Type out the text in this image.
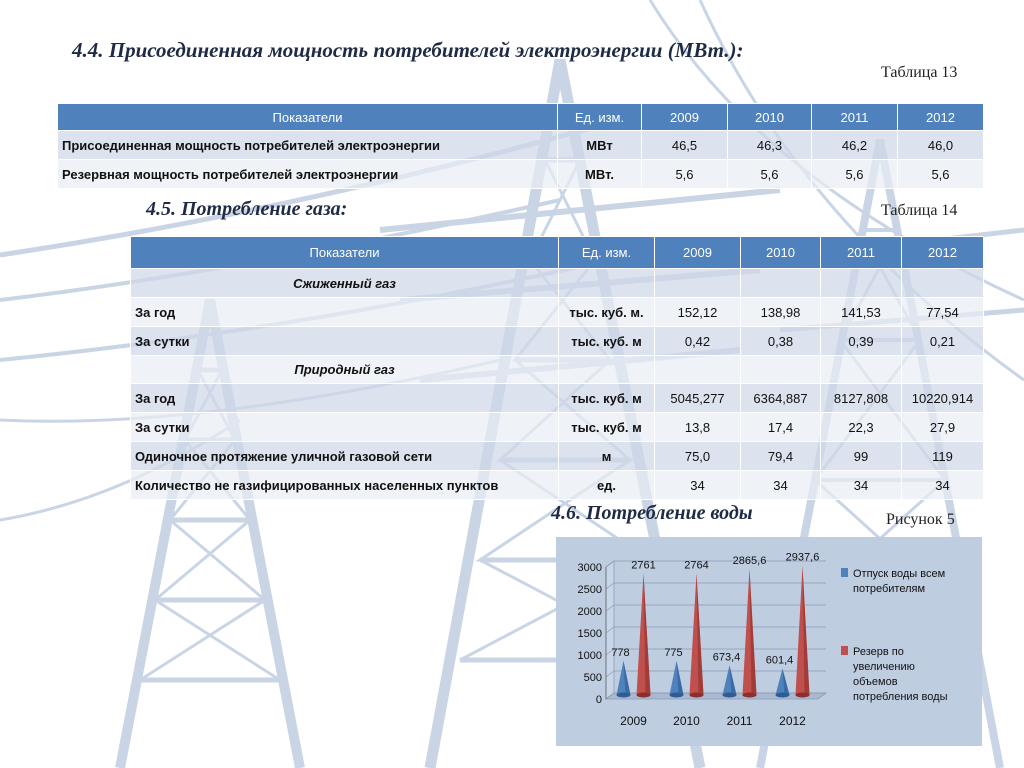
4.4. Присоединенная мощность потребителей электроэнергии (МВт.):
Таблица 13
Показатели	Ед. изм.	2009	2010	2011	2012
Присоединенная мощность потребителей электроэнергии	МВт	46,5	46,3	46,2	46,0
Резервная мощность потребителей электроэнергии	МВт.	5,6	5,6	5,6	5,6
4.5. Потребление газа:	Таблица 14
Показатели	Ед. изм.	2009	2010	2011	2012
Сжиженный газ					
За год	тыс. куб. м.	152,12	138,98	141,53	77,54
За сутки	тыс. куб. м	0,42	0,38	0,39	0,21
Природный газ					
За год	тыс. куб. м	5045,277	6364,887	8127,808	10220,914
За сутки	тыс. куб. м	13,8	17,4	22,3	27,9
Одиночное протяжение уличной газовой сети	м	75,0	79,4	99	119
Количество не газифицированных населенных пунктов	ед.	34	34	34	34
4.6. Потребление воды	Рисунок 5
0
500
1000
1500
2000
2500
3000
778
2761
2009
775
2764
2010
673,4
2865,6
2011
601,4
2937,6
2012
Отпуск воды всем потребителям
Резерв по увеличению объемов потребления воды
